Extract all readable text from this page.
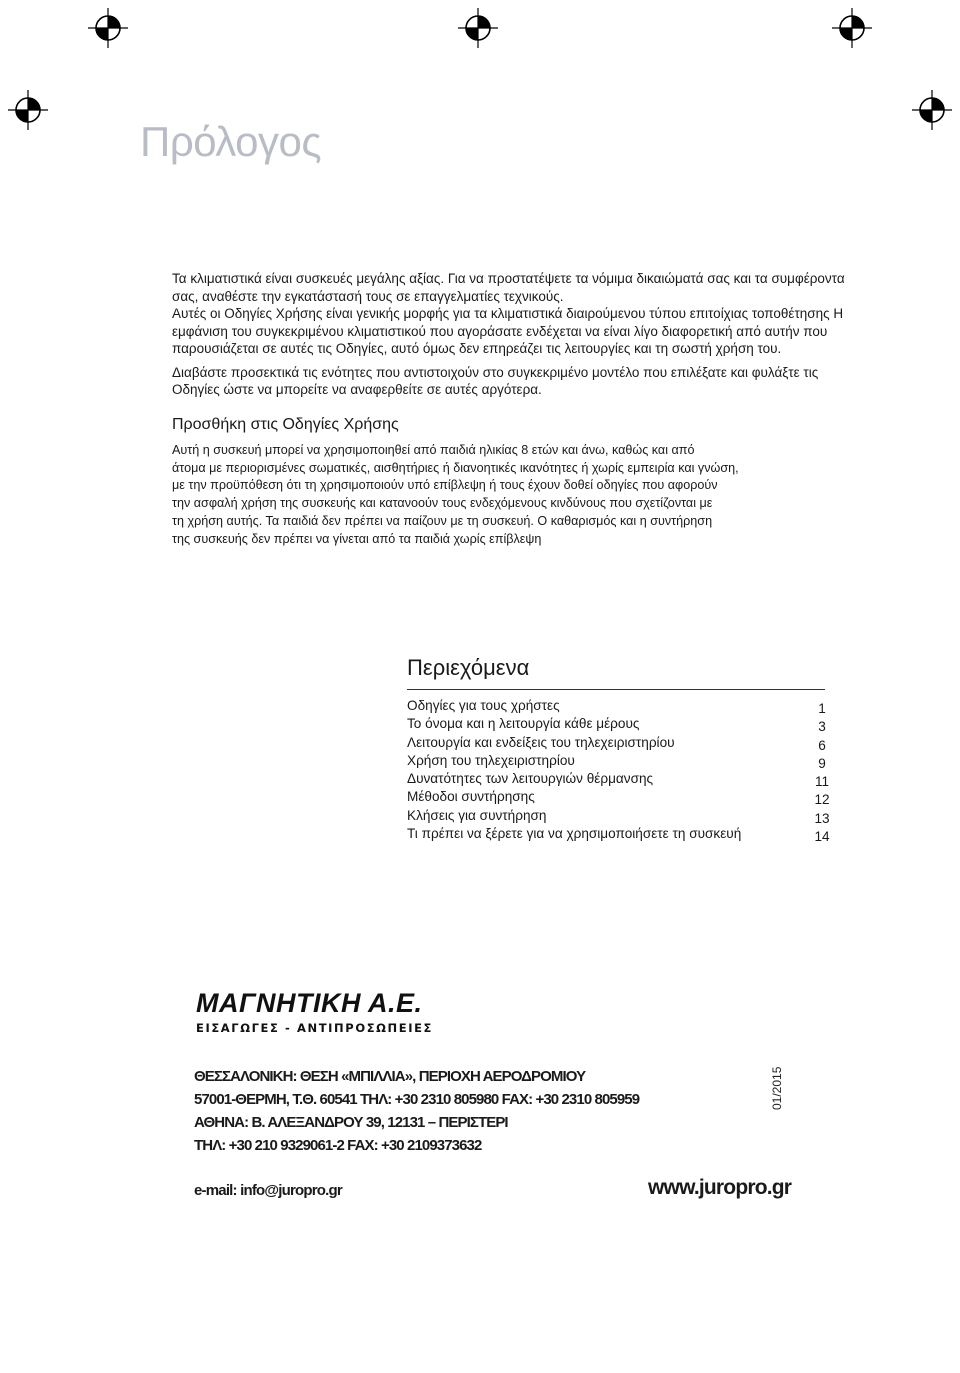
Πρόλογος

Τα κλιματιστικά είναι συσκευές μεγάλης αξίας. Για να προστατέψετε τα νόμιμα δικαιώματά σας και τα συμφέροντα σας, αναθέστε την εγκατάστασή τους σε επαγγελματίες τεχνικούς.

Αυτές οι Οδηγίες Χρήσης είναι γενικής μορφής για τα κλιματιστικά διαιρούμενου τύπου επιτοίχιας τοποθέτησης Η εμφάνιση του συγκεκριμένου κλιματιστικού που αγοράσατε ενδέχεται να είναι λίγο διαφορετική από αυτήν που παρουσιάζεται σε αυτές τις Οδηγίες, αυτό όμως δεν επηρεάζει τις λειτουργίες και τη σωστή χρήση του.

Διαβάστε προσεκτικά τις ενότητες που αντιστοιχούν στο συγκεκριμένο μοντέλο που επιλέξατε και φυλάξτε τις Οδηγίες ώστε να μπορείτε να αναφερθείτε σε αυτές αργότερα.

Προσθήκη στις Οδηγίες Χρήσης
Αυτή η συσκευή μπορεί να χρησιμοποιηθεί από παιδιά ηλικίας 8 ετών και άνω, καθώς και από
άτομα με περιορισμένες σωματικές, αισθητήριες ή διανοητικές ικανότητες ή χωρίς εμπειρία και γνώση,
με την προϋπόθεση ότι τη χρησιμοποιούν υπό επίβλεψη ή τους έχουν δοθεί οδηγίες που αφορούν
την ασφαλή χρήση της συσκευής και κατανοούν τους ενδεχόμενους κινδύνους που σχετίζονται με
τη χρήση αυτής. Τα παιδιά δεν πρέπει να παίζουν με τη συσκευή. Ο καθαρισμός και η συντήρηση
της συσκευής δεν πρέπει να γίνεται από τα παιδιά χωρίς επίβλεψη
Περιεχόμενα
Οδηγίες για τους χρήστες	1
Το όνομα και η λειτουργία κάθε μέρους	3
Λειτουργία και ενδείξεις του τηλεχειριστηρίου	6
Χρήση του τηλεχειριστηρίου	9
Δυνατότητες των λειτουργιών θέρμανσης	11
Μέθοδοι συντήρησης	12
Κλήσεις για συντήρηση	13
Τι πρέπει να ξέρετε για να χρησιμοποιήσετε τη συσκευή	14
ΜΑΓΝΗΤΙΚΗ Α.Ε.
ΕΙΣΑΓΩΓΕΣ - ΑΝΤΙΠΡΟΣΩΠΕΙΕΣ
ΘΕΣΣΑΛΟΝΙΚΗ: ΘΕΣΗ «ΜΠΙΛΛΙΑ», ΠΕΡΙΟΧΗ ΑΕΡΟΔΡΟΜΙΟΥ
57001-ΘΕΡΜΗ, Τ.Θ. 60541 ΤΗΛ: +30 2310 805980 FAX: +30 2310 805959
ΑΘΗΝΑ: Β. ΑΛΕΞΑΝΔΡΟΥ 39, 12131 – ΠΕΡΙΣΤΕΡΙ
ΤΗΛ: +30 210 9329061-2 FAX: +30 2109373632
01/2015
e-mail: info@juropro.gr	www.juropro.gr
